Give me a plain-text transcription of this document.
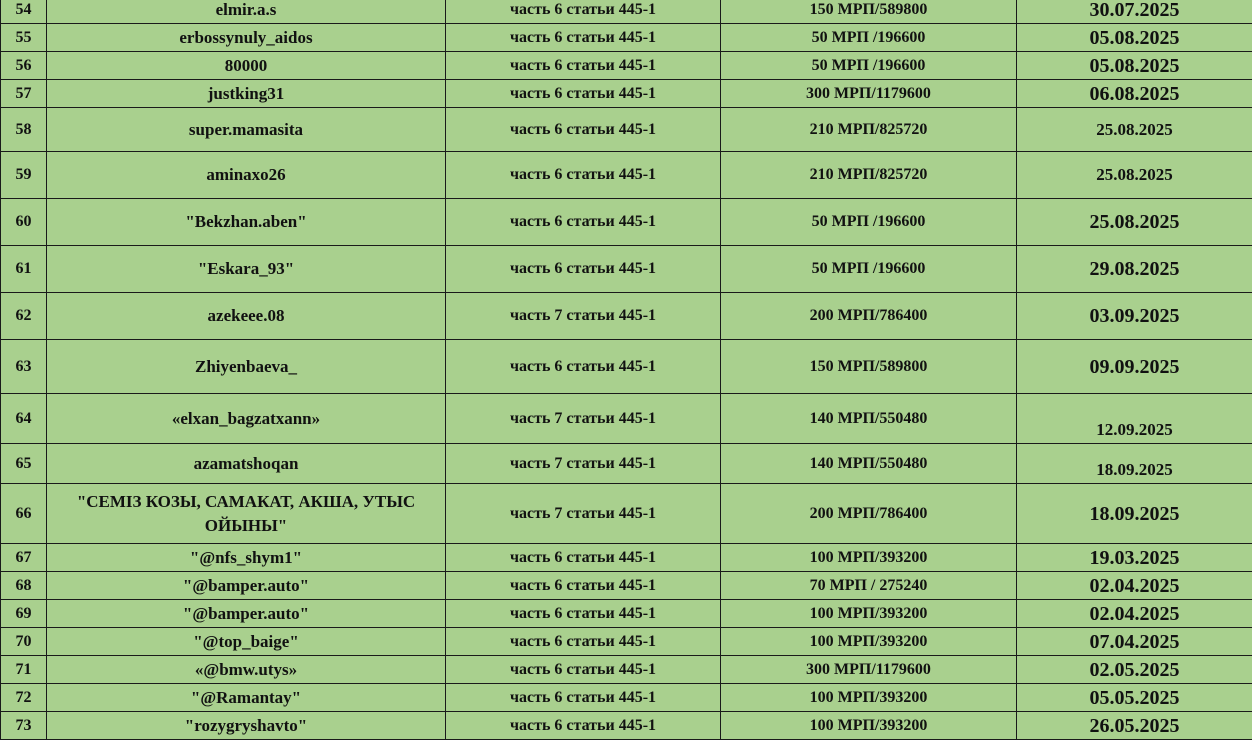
54	elmir.a.s	часть 6 статьи 445-1	150 МРП/589800	30.07.2025
55	erbossynuly_aidos	часть 6 статьи 445-1	50 МРП /196600	05.08.2025
56	80000	часть 6 статьи 445-1	50 МРП /196600	05.08.2025
57	justking31	часть 6 статьи 445-1	300 МРП/1179600	06.08.2025
58	super.mamasita	часть 6 статьи 445-1	210 МРП/825720	25.08.2025
59	aminaxo26	часть 6 статьи 445-1	210 МРП/825720	25.08.2025
60	"Bekzhan.aben"	часть 6 статьи 445-1	50 МРП /196600	25.08.2025
61	"Eskara_93"	часть 6 статьи 445-1	50 МРП /196600	29.08.2025
62	azekeee.08	часть 7 статьи 445-1	200 МРП/786400	03.09.2025
63	Zhiyenbaeva_	часть 6 статьи 445-1	150 МРП/589800	09.09.2025
64	«elxan_bagzatxann»	часть 7 статьи 445-1	140 МРП/550480	12.09.2025
65	azamatshoqan	часть 7 статьи 445-1	140 МРП/550480	18.09.2025
66	"СЕМІЗ КОЗЫ, САМАКАТ, АКША, УТЫС ОЙЫНЫ"	часть 7 статьи 445-1	200 МРП/786400	18.09.2025
67	"@nfs_shym1"	часть 6 статьи 445-1	100 МРП/393200	19.03.2025
68	"@bamper.auto"	часть 6 статьи 445-1	70 МРП / 275240	02.04.2025
69	"@bamper.auto"	часть 6 статьи 445-1	100 МРП/393200	02.04.2025
70	"@top_baige"	часть 6 статьи 445-1	100 МРП/393200	07.04.2025
71	«@bmw.utys»	часть 6 статьи 445-1	300 МРП/1179600	02.05.2025
72	"@Ramantay"	часть 6 статьи 445-1	100 МРП/393200	05.05.2025
73	"rozygryshavto"	часть 6 статьи 445-1	100 МРП/393200	26.05.2025
